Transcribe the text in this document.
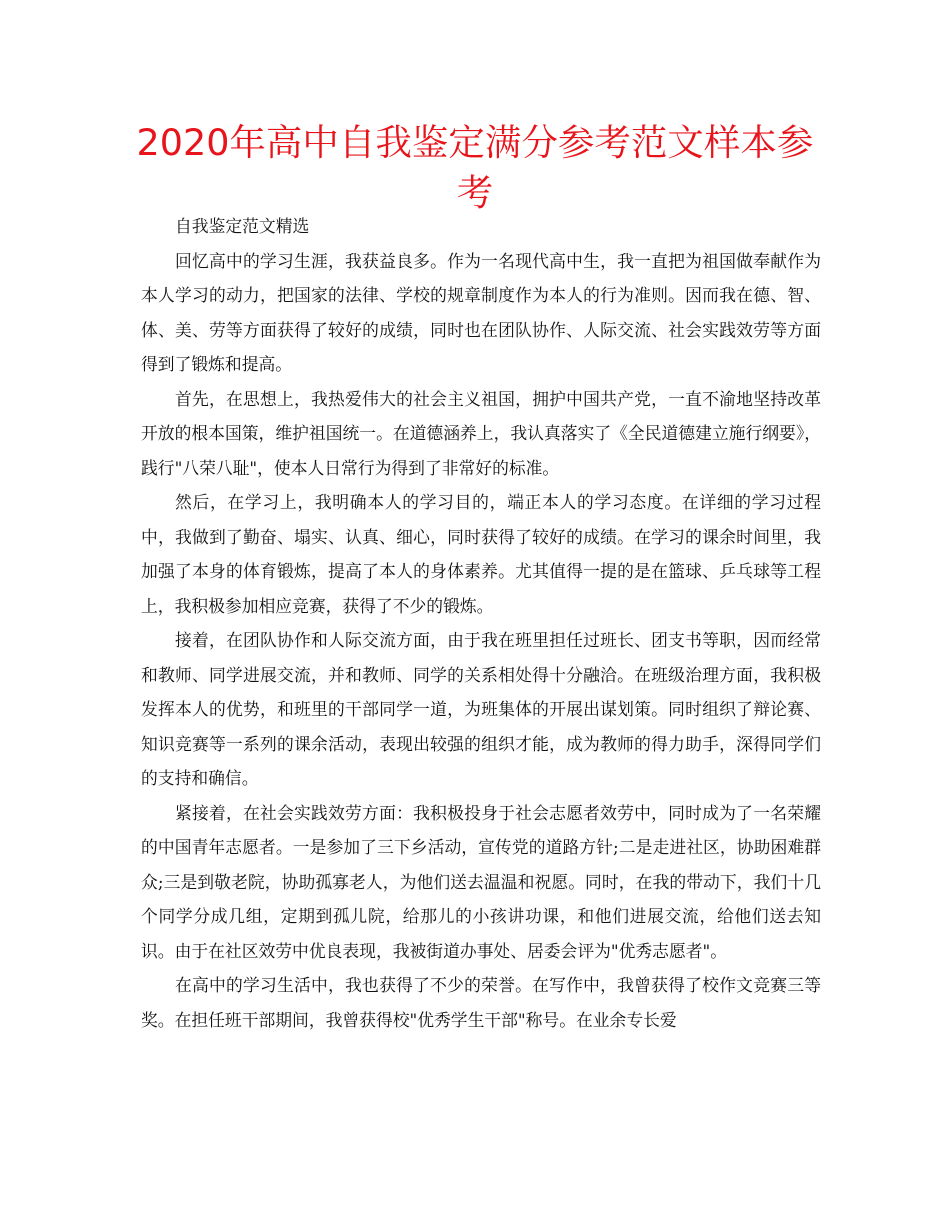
2020年高中自我鉴定满分参考范文样本参考

自我鉴定范文精选

回忆高中的学习生涯，我获益良多。作为一名现代高中生，我一直把为祖国做奉献作为本人学习的动力，把国家的法律、学校的规章制度作为本人的行为准则。因而我在德、智、体、美、劳等方面获得了较好的成绩，同时也在团队协作、人际交流、社会实践效劳等方面得到了锻炼和提高。

首先，在思想上，我热爱伟大的社会主义祖国，拥护中国共产党，一直不渝地坚持改革开放的根本国策，维护祖国统一。在道德涵养上，我认真落实了《全民道德建立施行纲要》，践行"八荣八耻"，使本人日常行为得到了非常好的标准。

然后，在学习上，我明确本人的学习目的，端正本人的学习态度。在详细的学习过程中，我做到了勤奋、塌实、认真、细心，同时获得了较好的成绩。在学习的课余时间里，我加强了本身的体育锻炼，提高了本人的身体素养。尤其值得一提的是在篮球、乒乓球等工程上，我积极参加相应竞赛，获得了不少的锻炼。

接着，在团队协作和人际交流方面，由于我在班里担任过班长、团支书等职，因而经常和教师、同学进展交流，并和教师、同学的关系相处得十分融洽。在班级治理方面，我积极发挥本人的优势，和班里的干部同学一道，为班集体的开展出谋划策。同时组织了辩论赛、知识竞赛等一系列的课余活动，表现出较强的组织才能，成为教师的得力助手，深得同学们的支持和确信。

紧接着，在社会实践效劳方面：我积极投身于社会志愿者效劳中，同时成为了一名荣耀的中国青年志愿者。一是参加了三下乡活动，宣传党的道路方针;二是走进社区，协助困难群众;三是到敬老院，协助孤寡老人，为他们送去温温和祝愿。同时，在我的带动下，我们十几个同学分成几组，定期到孤儿院，给那儿的小孩讲功课，和他们进展交流，给他们送去知识。由于在社区效劳中优良表现，我被街道办事处、居委会评为"优秀志愿者"。

在高中的学习生活中，我也获得了不少的荣誉。在写作中，我曾获得了校作文竞赛三等奖。在担任班干部期间，我曾获得校"优秀学生干部"称号。在业余专长爱
